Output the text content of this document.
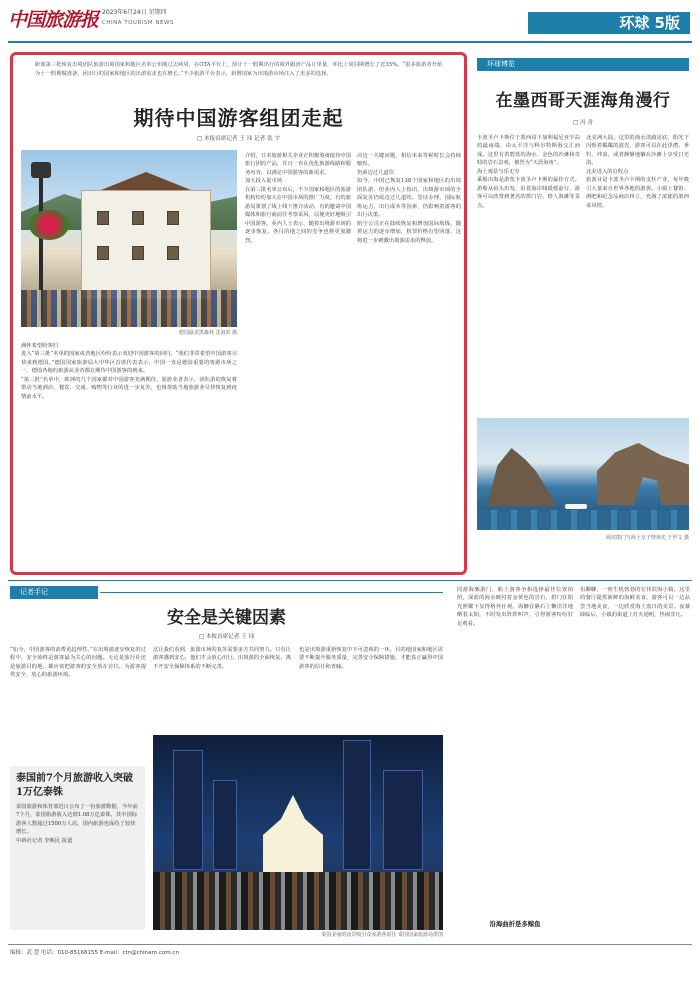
中国旅游报 2023年6月24日 星期四
CHINA TOURISM NEWS	环球 5版
距离第三批恢复出境团队旅游出境国家和地区名单公布刚过去两周，在OTA平台上，预计十一假期出行的境外跟团产品订单量，环比上周同期增长了近35%。“很多旅游者开始为十一假期做准备，团出行的国家和地区的出游需求也在增长。”不少旅游平台表示，新增国家为出境游市场注入了更多的选择。
期待中国游客组团走起
□ 本报首席记者 王 玮 记者 张 宇
德国最美黑森林 沈海滨 摄
满怀希望盼客归
进入“第三批”名单的国家或者地区纷纷表示欢迎中国游客的回归。“我们非常希望中国游客尽快来到德国。”德国国家旅游局大中华区首席代表表示，中国一直是德国重要的客源市场之一，德国各地的旅游从业者都在期待中国游客的到来。
“第三批”名单中，欧洲的几个国家都对中国游客充满期待。旅游业者表示，团队游的恢复将带动当地酒店、餐饮、交通、购物等行业的进一步复苏，也将帮助当地旅游业尽快恢复到疫情前水平。
介绍，日本旅游相关企业正积极筹备接待中国旅行团的产品，并且一直在优化旅游线路和服务内容，以满足中国游客的新需求。
加大投入促市场
在第三批名单公布后，不少国家和地区的旅游机构纷纷加大在中国市场的推广力度。有的旅游局策划了线上线下推介活动，有的邀请中国媒体和旅行商前往考察采风，以便更好地吸引中国游客。业内人士表示，随着出境游市场的逐步恢复，各目的地之间的竞争也将更加激烈。
决这一关键问题，相信未来等候时长会持续缩短。
仍须迈过几道坎
如今，中国已恢复138个国家和地区的出境团队游，但业内人士指出，出境游市场的全面复苏仍需迈过几道坎。签证办理、国际航班运力、出行成本等因素，仍影响着游客的出行决策。
航空公司正在陆续恢复和增加国际航线，随着运力的逐步增加，机票价格有望回落，这将进一步刺激出境游需求的释放。
环球博览
在墨西哥天涯海角漫行
□ 冯 青
卡波圣卢卡斯位于墨西哥下加利福尼亚半岛的最南端，由太平洋与科尔特斯海交汇而成。这里有着碧蓝的海水、金色的沙滩和奇特的岩石景观，被誉为“天涯海角”。
海上观景与乐无穷
乘船出海是游览卡波圣卢卡斯的最佳方式。游船从码头出发，沿着海岸线缓缓前行，游客可以欣赏到著名的拱门岩、情人海滩等景点。
北美洲大陆。这里的海水清澈见底，阳光下闪烁着粼粼的波光，游客可以在此浮潜、垂钓、冲浪，或者静静地躺在沙滩上享受日光浴。
北美进入的启程点
旅游业是卡波圣卢卡斯的支柱产业，每年吸引大量来自世界各地的游客。小镇上餐馆、酒吧和纪念品商店林立，充满了浓郁的墨西哥风情。
海滨拱门与海上交子情观光 于世文 摄
同游海豚游门，船上游客争相选择最佳位置拍照。深蓝的海水映衬着金黄色的岩石，拱门在阳光照耀下显得格外壮观。海狮在礁石上懒洋洋地晒着太阳，不时发出阵阵叫声，引得游客纷纷驻足观看。
侣聊聊，一座生机勃勃的宏伟滨海小镇。这里的餐厅提供新鲜的海鲜美食，游客可以一边品尝当地美食，一边欣赏海上落日的美景。夜幕降临后，小镇的街道上灯火通明，热闹非凡。
沿海曲折是多鲸鱼
记者手记
安全是关键因素
□ 本报首席记者 王 玮
“如今，中国游客的消费更趋理性。”在出境游逐步恢复的过程中，安全始终是游客最为关心的问题。无论是旅行社还是旅游目的地，都应该把游客的安全放在首位，为游客提供安全、放心的旅游环境。
这让我们看到，旅游市场的复苏需要多方共同努力。只有让游客感到安心，他们才会放心出行。出境游的全面恢复，离不开安全保障体系的不断完善。
也是出境游重新恢复中不可忽视的一环。目的地国家和地区需要不断提升服务质量，完善安全保障措施，才能真正赢得中国游客的信任和青睐。
泰国美丽的夜景吸引众多游客前往 泰国国家旅游局供图
泰国前7个月旅游收入突破1万亿泰铢
泰国旅游和体育部近日公布了一份旅游数据，今年前7个月，泰国旅游收入达到1.08万亿泰铢，其中国际游客人数超过1500万人次，国内旅游也保持了较快增长。
中新社记者 李映民 报道
编辑：武 慧 电话：010-85168155 E-mail：ctn@chinarn.com.cn
